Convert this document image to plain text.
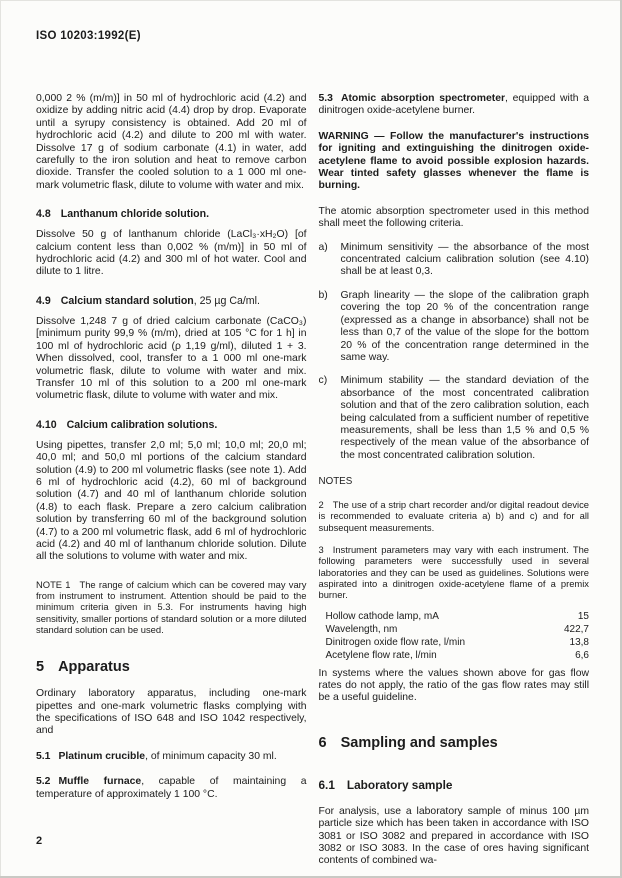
ISO 10203:1992(E)

0,000 2 % (m/m)] in 50 ml of hydrochloric acid (4.2) and oxidize by adding nitric acid (4.4) drop by drop. Evaporate until a syrupy consistency is obtained. Add 20 ml of hydrochloric acid (4.2) and dilute to 200 ml with water. Dissolve 17 g of sodium carbonate (4.1) in water, add carefully to the iron solution and heat to remove carbon dioxide. Transfer the cooled solution to a 1 000 ml one-mark volumetric flask, dilute to volume with water and mix.

4.8 Lanthanum chloride solution.

Dissolve 50 g of lanthanum chloride (LaCl₃·xH₂O) [of calcium content less than 0,002 % (m/m)] in 50 ml of hydrochloric acid (4.2) and 300 ml of hot water. Cool and dilute to 1 litre.

4.9 Calcium standard solution, 25 µg Ca/ml.

Dissolve 1,248 7 g of dried calcium carbonate (CaCO₃) [minimum purity 99,9 % (m/m), dried at 105 °C for 1 h] in 100 ml of hydrochloric acid (ρ 1,19 g/ml), diluted 1 + 3. When dissolved, cool, transfer to a 1 000 ml one-mark volumetric flask, dilute to volume with water and mix. Transfer 10 ml of this solution to a 200 ml one-mark volumetric flask, dilute to volume with water and mix.

4.10 Calcium calibration solutions.

Using pipettes, transfer 2,0 ml; 5,0 ml; 10,0 ml; 20,0 ml; 40,0 ml; and 50,0 ml portions of the calcium standard solution (4.9) to 200 ml volumetric flasks (see note 1). Add 6 ml of hydrochloric acid (4.2), 60 ml of background solution (4.7) and 40 ml of lanthanum chloride solution (4.8) to each flask. Prepare a zero calcium calibration solution by transferring 60 ml of the background solution (4.7) to a 200 ml volumetric flask, add 6 ml of hydrochloric acid (4.2) and 40 ml of lanthanum chloride solution. Dilute all the solutions to volume with water and mix.

NOTE 1 The range of calcium which can be covered may vary from instrument to instrument. Attention should be paid to the minimum criteria given in 5.3. For instruments having high sensitivity, smaller portions of standard solution or a more diluted standard solution can be used.

5 Apparatus

Ordinary laboratory apparatus, including one-mark pipettes and one-mark volumetric flasks complying with the specifications of ISO 648 and ISO 1042 respectively, and

5.1 Platinum crucible, of minimum capacity 30 ml.

5.2 Muffle furnace, capable of maintaining a temperature of approximately 1 100 °C.

5.3 Atomic absorption spectrometer, equipped with a dinitrogen oxide-acetylene burner.

WARNING — Follow the manufacturer's instructions for igniting and extinguishing the dinitrogen oxide-acetylene flame to avoid possible explosion hazards. Wear tinted safety glasses whenever the flame is burning.

The atomic absorption spectrometer used in this method shall meet the following criteria.

a)	Minimum sensitivity — the absorbance of the most concentrated calcium calibration solution (see 4.10) shall be at least 0,3.
b)	Graph linearity — the slope of the calibration graph covering the top 20 % of the concentration range (expressed as a change in absorbance) shall not be less than 0,7 of the value of the slope for the bottom 20 % of the concentration range determined in the same way.
c)	Minimum stability — the standard deviation of the absorbance of the most concentrated calibration solution and that of the zero calibration solution, each being calculated from a sufficient number of repetitive measurements, shall be less than 1,5 % and 0,5 % respectively of the mean value of the absorbance of the most concentrated calibration solution.

NOTES

2 The use of a strip chart recorder and/or digital readout device is recommended to evaluate criteria a) b) and c) and for all subsequent measurements.

3 Instrument parameters may vary with each instrument. The following parameters were successfully used in several laboratories and they can be used as guidelines. Solutions were aspirated into a dinitrogen oxide-acetylene flame of a premix burner.

Hollow cathode lamp, mA	15
Wavelength, nm	422,7
Dinitrogen oxide flow rate, l/min	13,8
Acetylene flow rate, l/min	6,6

In systems where the values shown above for gas flow rates do not apply, the ratio of the gas flow rates may still be a useful guideline.

6 Sampling and samples
6.1 Laboratory sample

For analysis, use a laboratory sample of minus 100 µm particle size which has been taken in accordance with ISO 3081 or ISO 3082 and prepared in accordance with ISO 3082 or ISO 3083. In the case of ores having significant contents of combined wa-

2
